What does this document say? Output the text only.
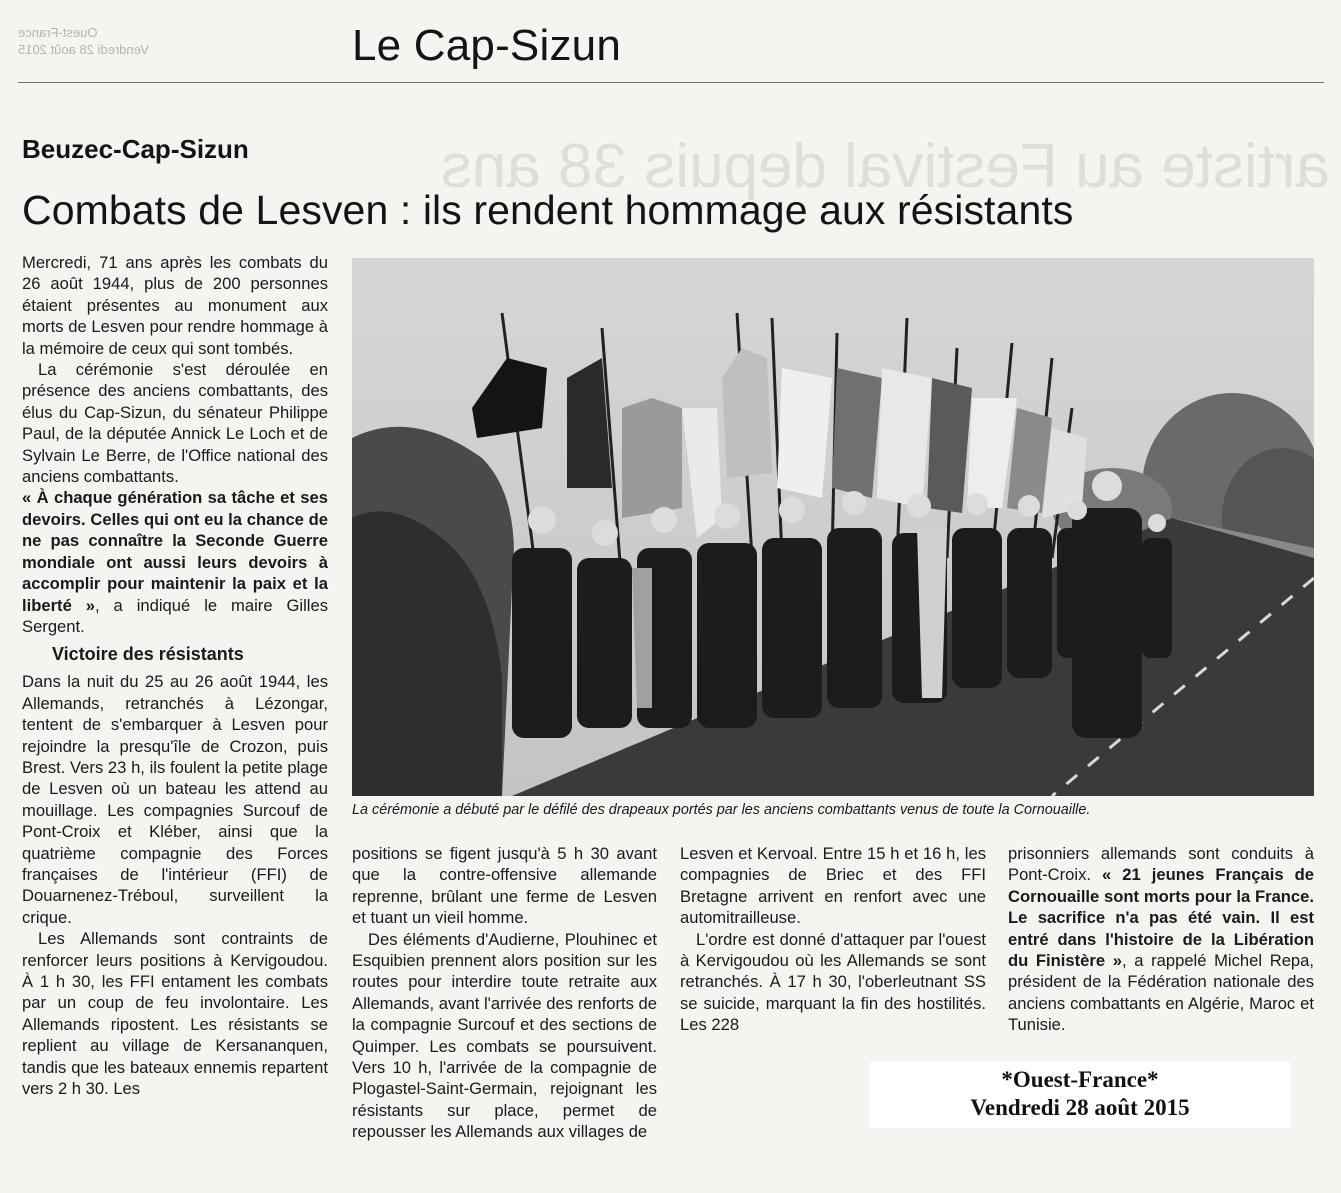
Ouest-France
Vendredi 28 août 2015	Le Cap-Sizun
artiste au Festival depuis 38 ans
Beuzec-Cap-Sizun
Combats de Lesven : ils rendent hommage aux résistants

Mercredi, 71 ans après les combats du 26 août 1944, plus de 200 personnes étaient présentes au monument aux morts de Lesven pour rendre hommage à la mémoire de ceux qui sont tombés.

La cérémonie s'est déroulée en présence des anciens combattants, des élus du Cap-Sizun, du sénateur Philippe Paul, de la députée Annick Le Loch et de Sylvain Le Berre, de l'Office national des anciens combattants.

« À chaque génération sa tâche et ses devoirs. Celles qui ont eu la chance de ne pas connaître la Seconde Guerre mondiale ont aussi leurs devoirs à accomplir pour maintenir la paix et la liberté », a indiqué le maire Gilles Sergent.

Victoire des résistants

Dans la nuit du 25 au 26 août 1944, les Allemands, retranchés à Lézongar, tentent de s'embarquer à Lesven pour rejoindre la presqu'île de Crozon, puis Brest. Vers 23 h, ils foulent la petite plage de Lesven où un bateau les attend au mouillage. Les compagnies Surcouf de Pont-Croix et Kléber, ainsi que la quatrième compagnie des Forces françaises de l'intérieur (FFI) de Douarnenez-Tréboul, surveillent la crique.

Les Allemands sont contraints de renforcer leurs positions à Kervigoudou. À 1 h 30, les FFI entament les combats par un coup de feu involontaire. Les Allemands ripostent. Les résistants se replient au village de Kersananquen, tandis que les bateaux ennemis repartent vers 2 h 30. Les

La cérémonie a débuté par le défilé des drapeaux portés par les anciens combattants venus de toute la Cornouaille.

positions se figent jusqu'à 5 h 30 avant que la contre-offensive allemande reprenne, brûlant une ferme de Lesven et tuant un vieil homme.

Des éléments d'Audierne, Plouhinec et Esquibien prennent alors position sur les routes pour interdire toute retraite aux Allemands, avant l'arrivée des renforts de la compagnie Surcouf et des sections de Quimper. Les combats se poursuivent. Vers 10 h, l'arrivée de la compagnie de Plogastel-Saint-Germain, rejoignant les résistants sur place, permet de repousser les Allemands aux villages de

Lesven et Kervoal. Entre 15 h et 16 h, les compagnies de Briec et des FFI Bretagne arrivent en renfort avec une automitrailleuse.

L'ordre est donné d'attaquer par l'ouest à Kervigoudou où les Allemands se sont retranchés. À 17 h 30, l'oberleutnant SS se suicide, marquant la fin des hostilités. Les 228

prisonniers allemands sont conduits à Pont-Croix. « 21 jeunes Français de Cornouaille sont morts pour la France. Le sacrifice n'a pas été vain. Il est entré dans l'histoire de la Libération du Finistère », a rappelé Michel Repa, président de la Fédération nationale des anciens combattants en Algérie, Maroc et Tunisie.

*Ouest-France*
Vendredi 28 août 2015
